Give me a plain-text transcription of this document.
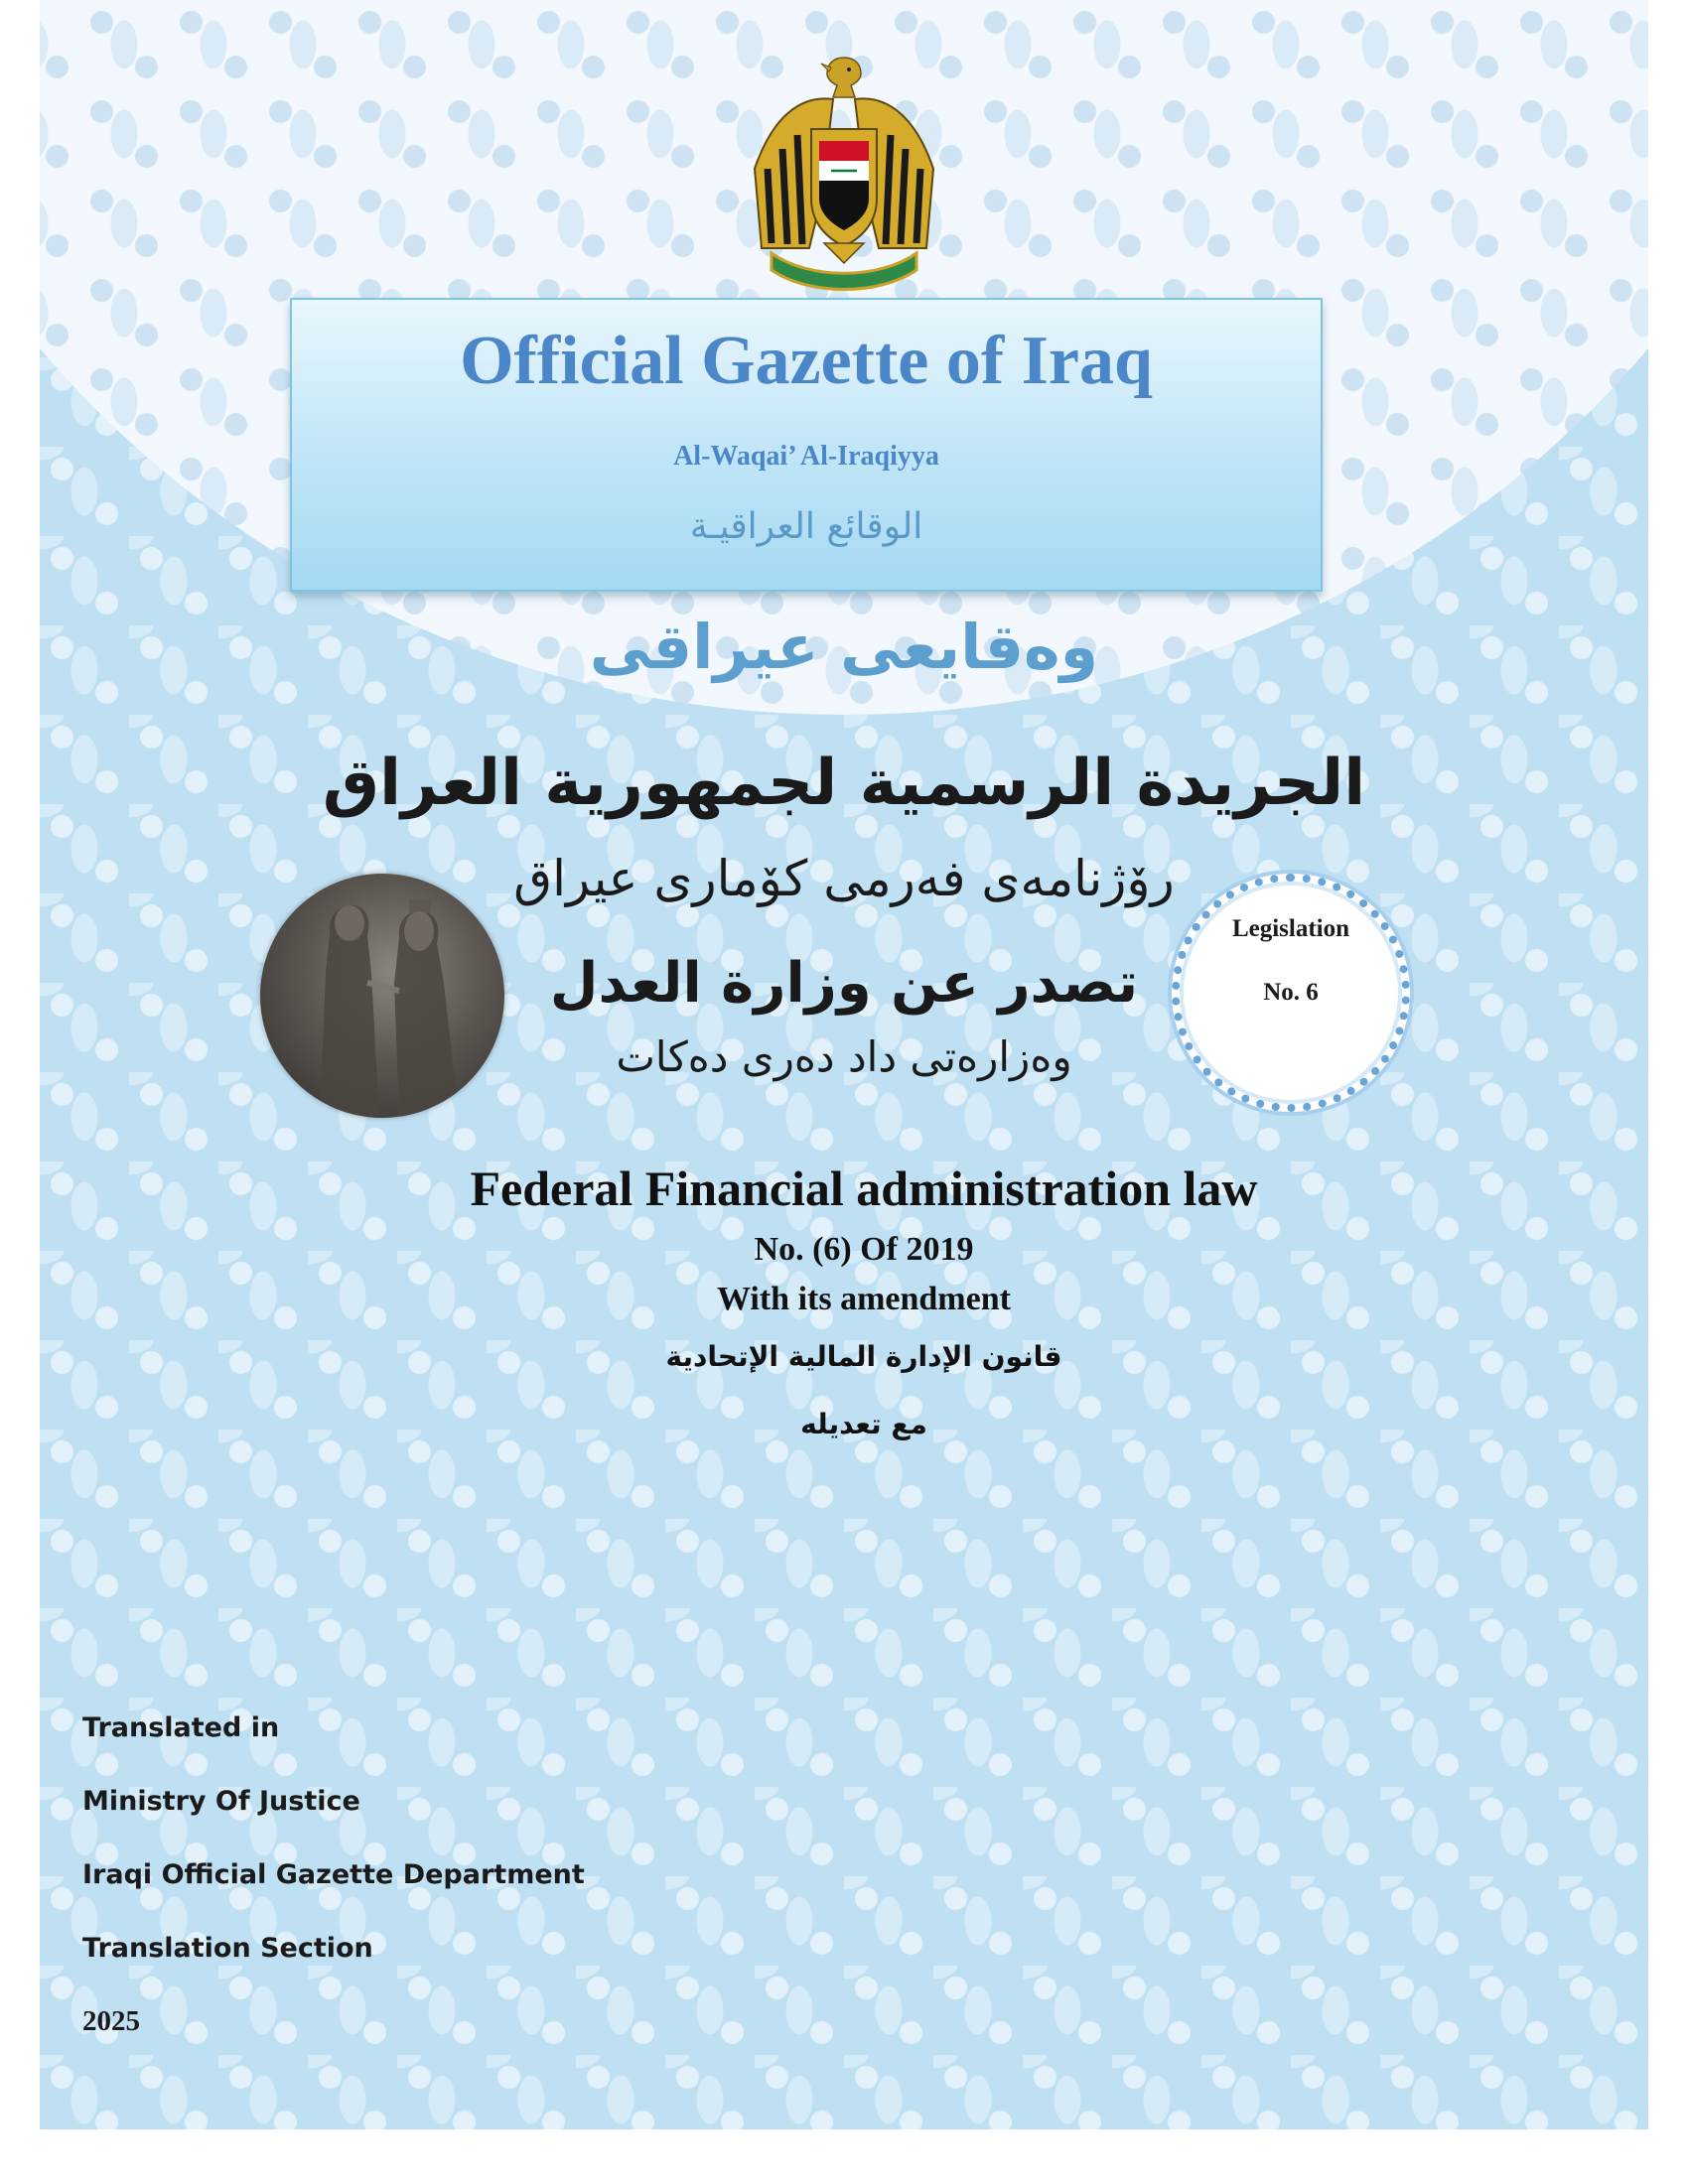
Official Gazette of Iraq
Al-Waqai’ Al-Iraqiyya
الوقائع العراقيـة
وەقایعی عیراقی
الجريدة الرسمية لجمهورية العراق
رۆژنامەی فەرمی کۆماری عیراق
تصدر عن وزارة العدل
وەزارەتی داد دەری دەکات
Legislation
No. 6
Federal Financial administration law
No. (6) Of 2019
With its amendment
قانون الإدارة المالية الإتحادية
مع تعديله
Translated in
Ministry Of Justice
Iraqi Official Gazette Department
Translation Section
2025
